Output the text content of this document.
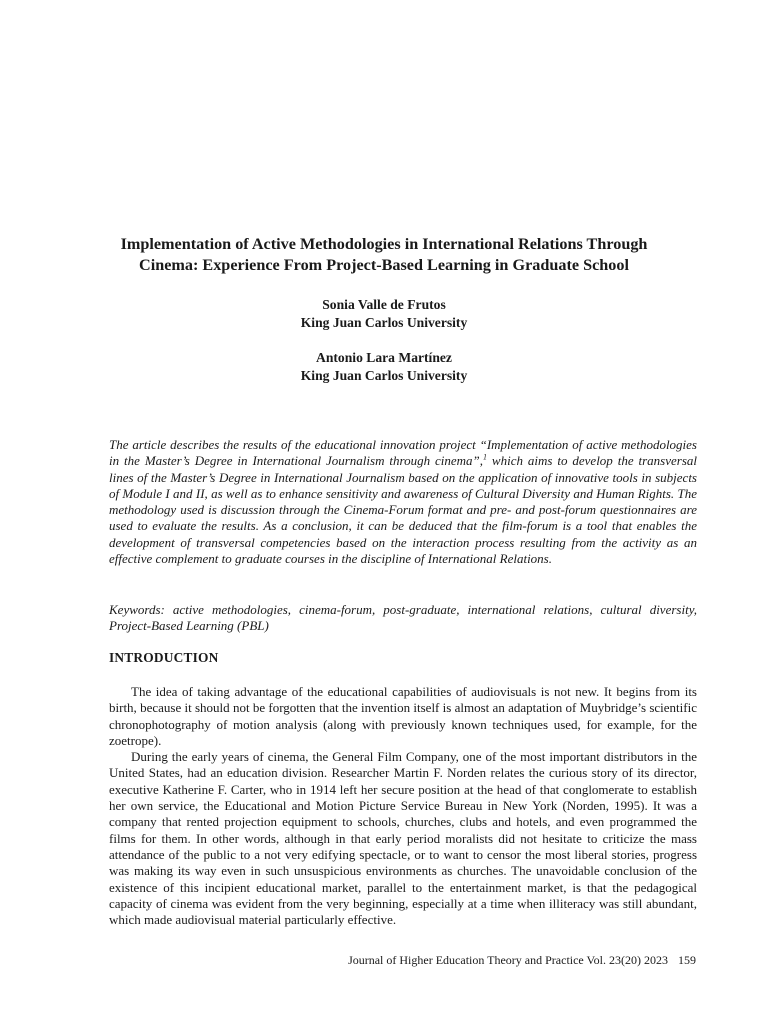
Implementation of Active Methodologies in International Relations Through Cinema: Experience From Project-Based Learning in Graduate School
Sonia Valle de Frutos
King Juan Carlos University
Antonio Lara Martínez
King Juan Carlos University

The article describes the results of the educational innovation project “Implementation of active methodologies in the Master’s Degree in International Journalism through cinema”,$^1$ which aims to develop the transversal lines of the Master’s Degree in International Journalism based on the application of innovative tools in subjects of Module I and II, as well as to enhance sensitivity and awareness of Cultural Diversity and Human Rights. The methodology used is discussion through the Cinema-Forum format and pre- and post-forum questionnaires are used to evaluate the results. As a conclusion, it can be deduced that the film-forum is a tool that enables the development of transversal competencies based on the interaction process resulting from the activity as an effective complement to graduate courses in the discipline of International Relations.

Keywords: active methodologies, cinema-forum, post-graduate, international relations, cultural diversity, Project-Based Learning (PBL)

INTRODUCTION

The idea of taking advantage of the educational capabilities of audiovisuals is not new. It begins from its birth, because it should not be forgotten that the invention itself is almost an adaptation of Muybridge’s scientific chronophotography of motion analysis (along with previously known techniques used, for example, for the zoetrope).

During the early years of cinema, the General Film Company, one of the most important distributors in the United States, had an education division. Researcher Martin F. Norden relates the curious story of its director, executive Katherine F. Carter, who in 1914 left her secure position at the head of that conglomerate to establish her own service, the Educational and Motion Picture Service Bureau in New York (Norden, 1995). It was a company that rented projection equipment to schools, churches, clubs and hotels, and even programmed the films for them. In other words, although in that early period moralists did not hesitate to criticize the mass attendance of the public to a not very edifying spectacle, or to want to censor the most liberal stories, progress was making its way even in such unsuspicious environments as churches. The unavoidable conclusion of the existence of this incipient educational market, parallel to the entertainment market, is that the pedagogical capacity of cinema was evident from the very beginning, especially at a time when illiteracy was still abundant, which made audiovisual material particularly effective.

Journal of Higher Education Theory and Practice Vol. 23(20) 2023 159
